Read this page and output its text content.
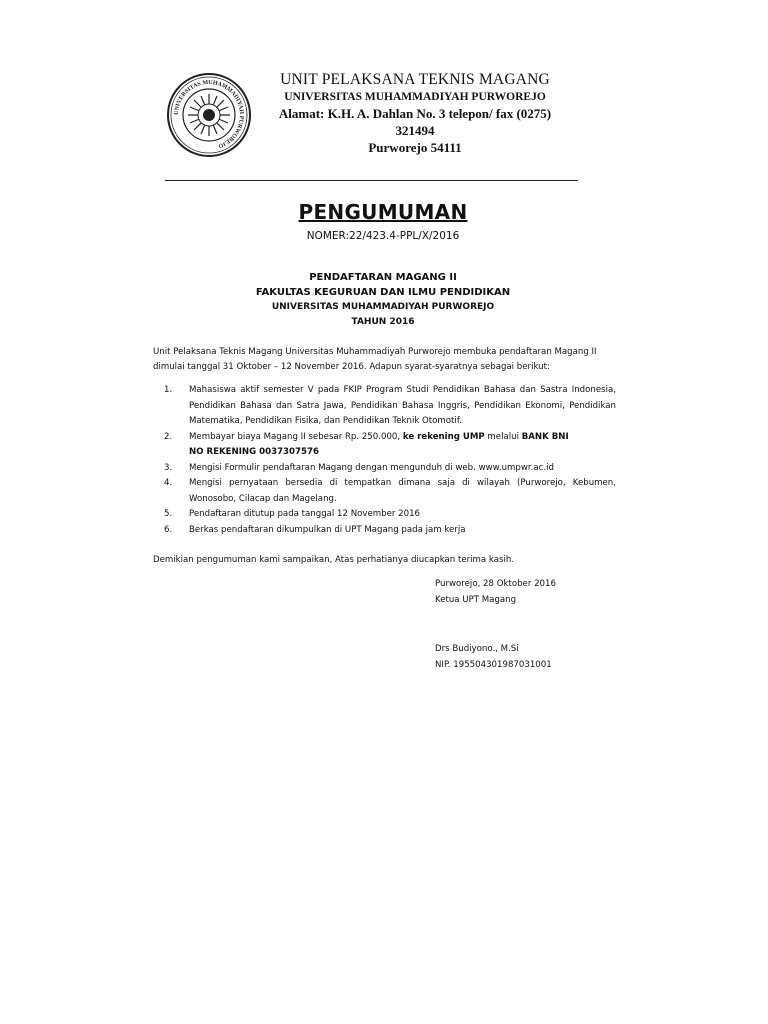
UNIVERSITAS MUHAMMADIYAH PURWOREJO
UNIT PELAKSANA TEKNIS MAGANG
UNIVERSITAS MUHAMMADIYAH PURWOREJO
Alamat: K.H. A. Dahlan No. 3 telepon/ fax (0275) 321494
Purworejo 54111
PENGUMUMAN
NOMER:22/423.4-PPL/X/2016
PENDAFTARAN MAGANG II
FAKULTAS KEGURUAN DAN ILMU PENDIDIKAN
UNIVERSITAS MUHAMMADIYAH PURWOREJO
TAHUN 2016
Unit Pelaksana Teknis Magang Universitas Muhammadiyah Purworejo membuka pendaftaran Magang II dimulai tanggal 31 Oktober – 12 November 2016. Adapun syarat-syaratnya sebagai berikut:
1. Mahasiswa aktif semester V pada FKIP Program Studi Pendidikan Bahasa dan Sastra Indonesia, Pendidikan Bahasa dan Satra Jawa, Pendidikan Bahasa Inggris, Pendidikan Ekonomi, Pendidikan Matematika, Pendidikan Fisika, dan Pendidikan Teknik Otomotif.
2. Membayar biaya Magang II sebesar Rp. 250.000, ke rekening UMP melalui BANK BNI
NO REKENING 0037307576
3. Mengisi Formulir pendaftaran Magang dengan mengunduh di web. www.umpwr.ac.id
4. Mengisi pernyataan bersedia di tempatkan dimana saja di wilayah (Purworejo, Kebumen, Wonosobo, Cilacap dan Magelang.
5. Pendaftaran ditutup pada tanggal 12 November 2016
6. Berkas pendaftaran dikumpulkan di UPT Magang pada jam kerja
Demikian pengumuman kami sampaikan, Atas perhatianya diucapkan terima kasih.
Purworejo, 28 Oktober 2016
Ketua UPT Magang
Drs Budiyono., M.Si
NIP. 195504301987031001
